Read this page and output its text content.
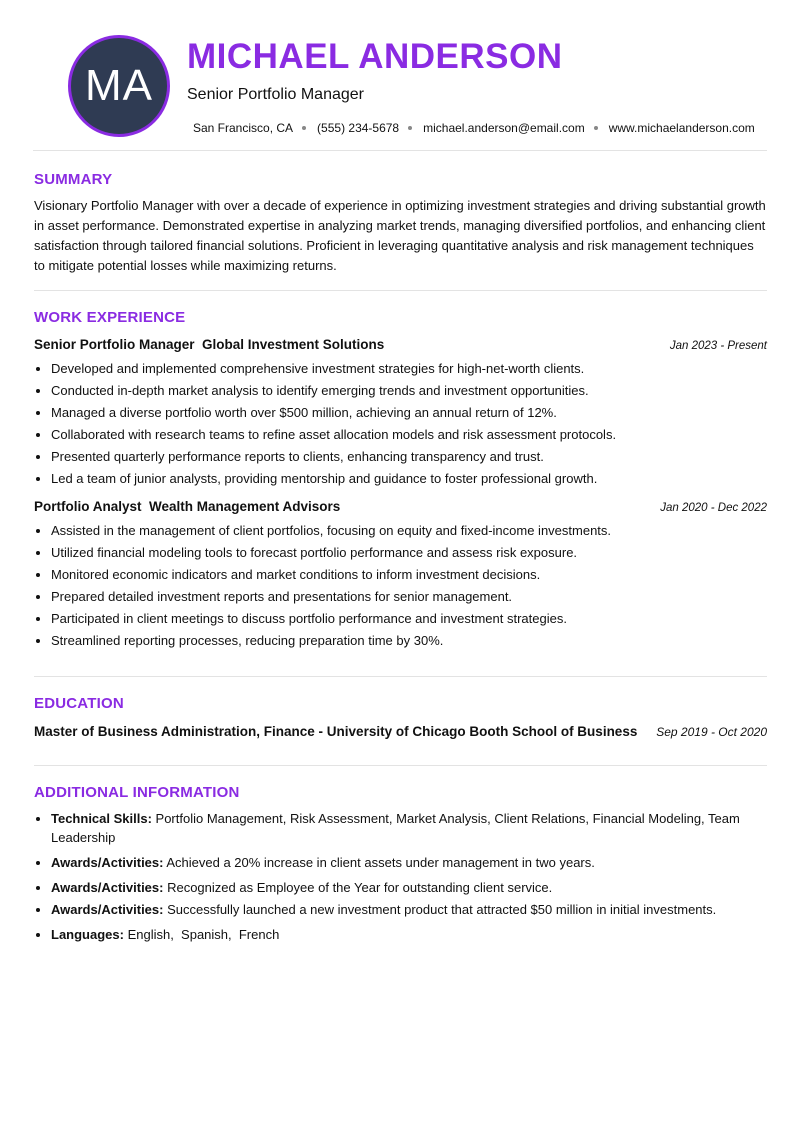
MA
MICHAEL ANDERSON
Senior Portfolio Manager
San Francisco, CA (555) 234-5678 michael.anderson@email.com www.michaelanderson.com
SUMMARY

Visionary Portfolio Manager with over a decade of experience in optimizing investment strategies and driving substantial growth in asset performance. Demonstrated expertise in analyzing market trends, managing diversified portfolios, and enhancing client satisfaction through tailored financial solutions. Proficient in leveraging quantitative analysis and risk management techniques to mitigate potential losses while maximizing returns.

WORK EXPERIENCE
Senior Portfolio Manager  Global Investment Solutions	Jan 2023 - Present
• Developed and implemented comprehensive investment strategies for high-net-worth clients.
• Conducted in-depth market analysis to identify emerging trends and investment opportunities.
• Managed a diverse portfolio worth over $500 million, achieving an annual return of 12%.
• Collaborated with research teams to refine asset allocation models and risk assessment protocols.
• Presented quarterly performance reports to clients, enhancing transparency and trust.
• Led a team of junior analysts, providing mentorship and guidance to foster professional growth.
Portfolio Analyst  Wealth Management Advisors	Jan 2020 - Dec 2022
• Assisted in the management of client portfolios, focusing on equity and fixed-income investments.
• Utilized financial modeling tools to forecast portfolio performance and assess risk exposure.
• Monitored economic indicators and market conditions to inform investment decisions.
• Prepared detailed investment reports and presentations for senior management.
• Participated in client meetings to discuss portfolio performance and investment strategies.
• Streamlined reporting processes, reducing preparation time by 30%.
EDUCATION
Master of Business Administration, Finance - University of Chicago Booth School of Business Sep 2019 - Oct 2020
ADDITIONAL INFORMATION
• Technical Skills: Portfolio Management, Risk Assessment, Market Analysis, Client Relations, Financial Modeling, Team Leadership
• Awards/Activities: Achieved a 20% increase in client assets under management in two years.
• Awards/Activities: Recognized as Employee of the Year for outstanding client service.
• Awards/Activities: Successfully launched a new investment product that attracted $50 million in initial investments.
• Languages: English,  Spanish,  French
